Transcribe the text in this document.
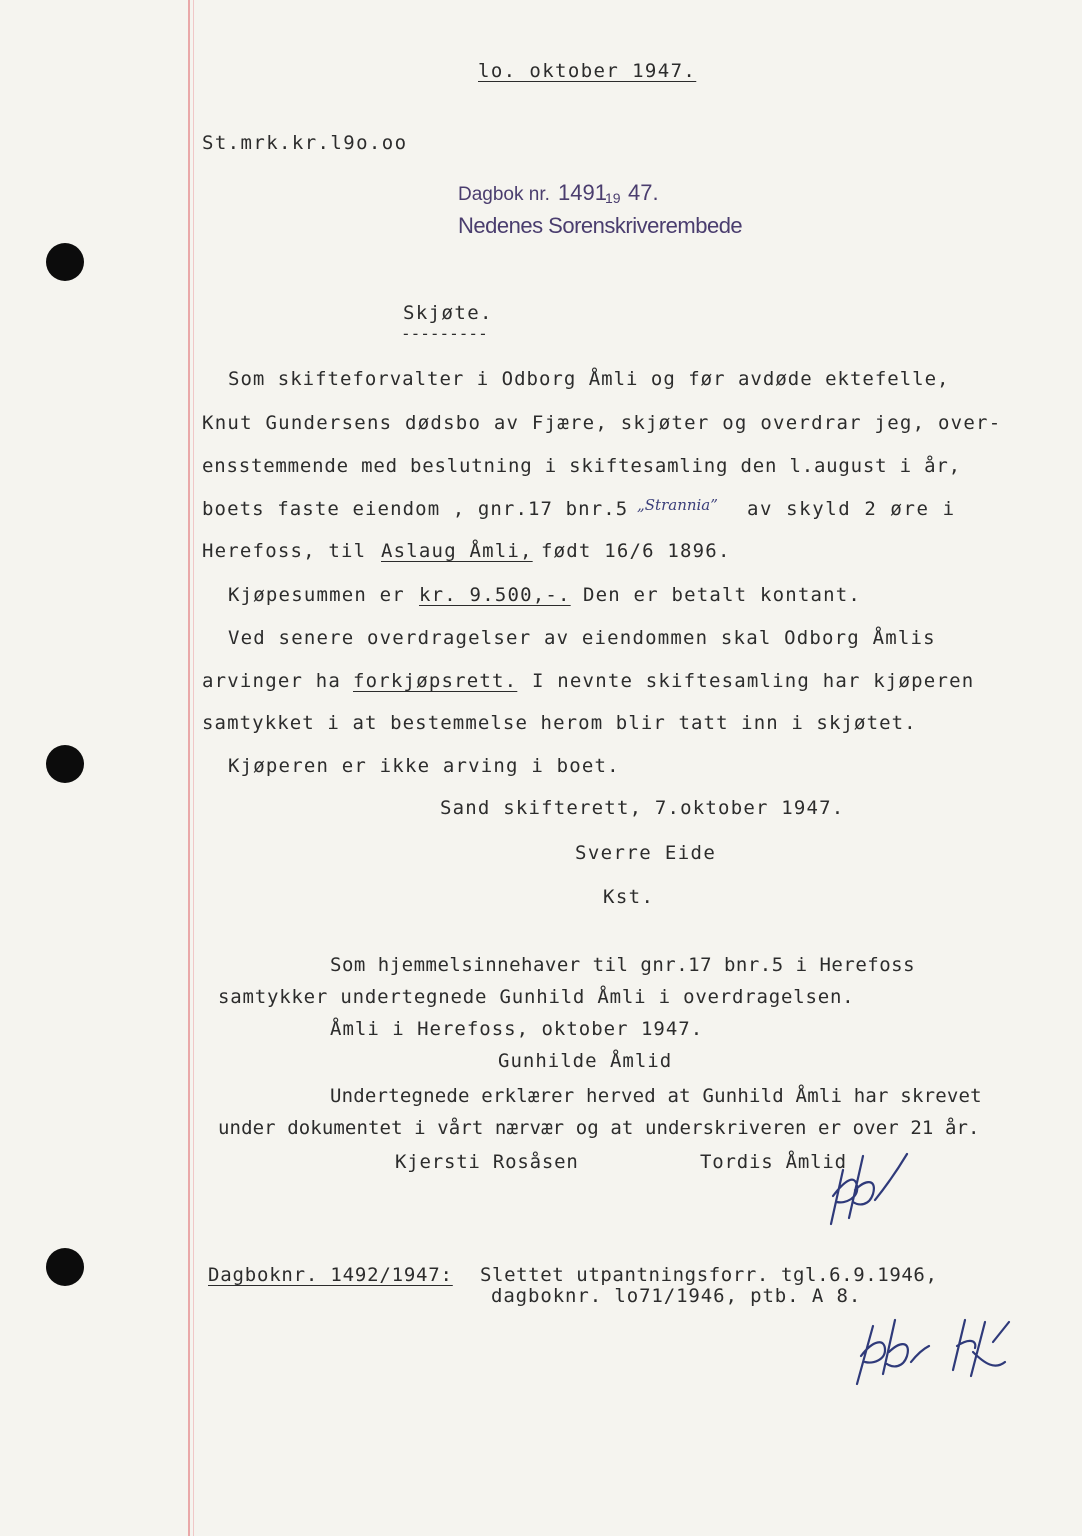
lo. oktober 1947.
St.mrk.kr.l9o.oo
Dagbok nr. 1491
19 47.
Nedenes Sorenskriverembede
Skjøte.
---------
Som skifteforvalter i Odborg Åmli og før avdøde ektefelle,
Knut Gundersens dødsbo av Fjære, skjøter og overdrar jeg, over-
ensstemmende med beslutning i skiftesamling den l.august i år,
boets faste eiendom , gnr.17 bnr.5 „Strannia” av skyld 2 øre i
Herefoss, til Aslaug Åmli, født 16/6 1896.
Kjøpesummen er kr. 9.500,-. Den er betalt kontant.
Ved senere overdragelser av eiendommen skal Odborg Åmlis
arvinger ha forkjøpsrett. I nevnte skiftesamling har kjøperen
samtykket i at bestemmelse herom blir tatt inn i skjøtet.
Kjøperen er ikke arving i boet.
Sand skifterett, 7.oktober 1947.
Sverre Eide
Kst.
Som hjemmelsinnehaver til gnr.17 bnr.5 i Herefoss
samtykker undertegnede Gunhild Åmli i overdragelsen.
Åmli i Herefoss, oktober 1947.
Gunhilde Åmlid
Undertegnede erklærer herved at Gunhild Åmli har skrevet
under dokumentet i vårt nærvær og at underskriveren er over 21 år.
Kjersti Rosåsen	Tordis Åmlid
Dagboknr. 1492/1947: Slettet utpantningsforr. tgl.6.9.1946,
dagboknr. lo71/1946, ptb. A 8.
